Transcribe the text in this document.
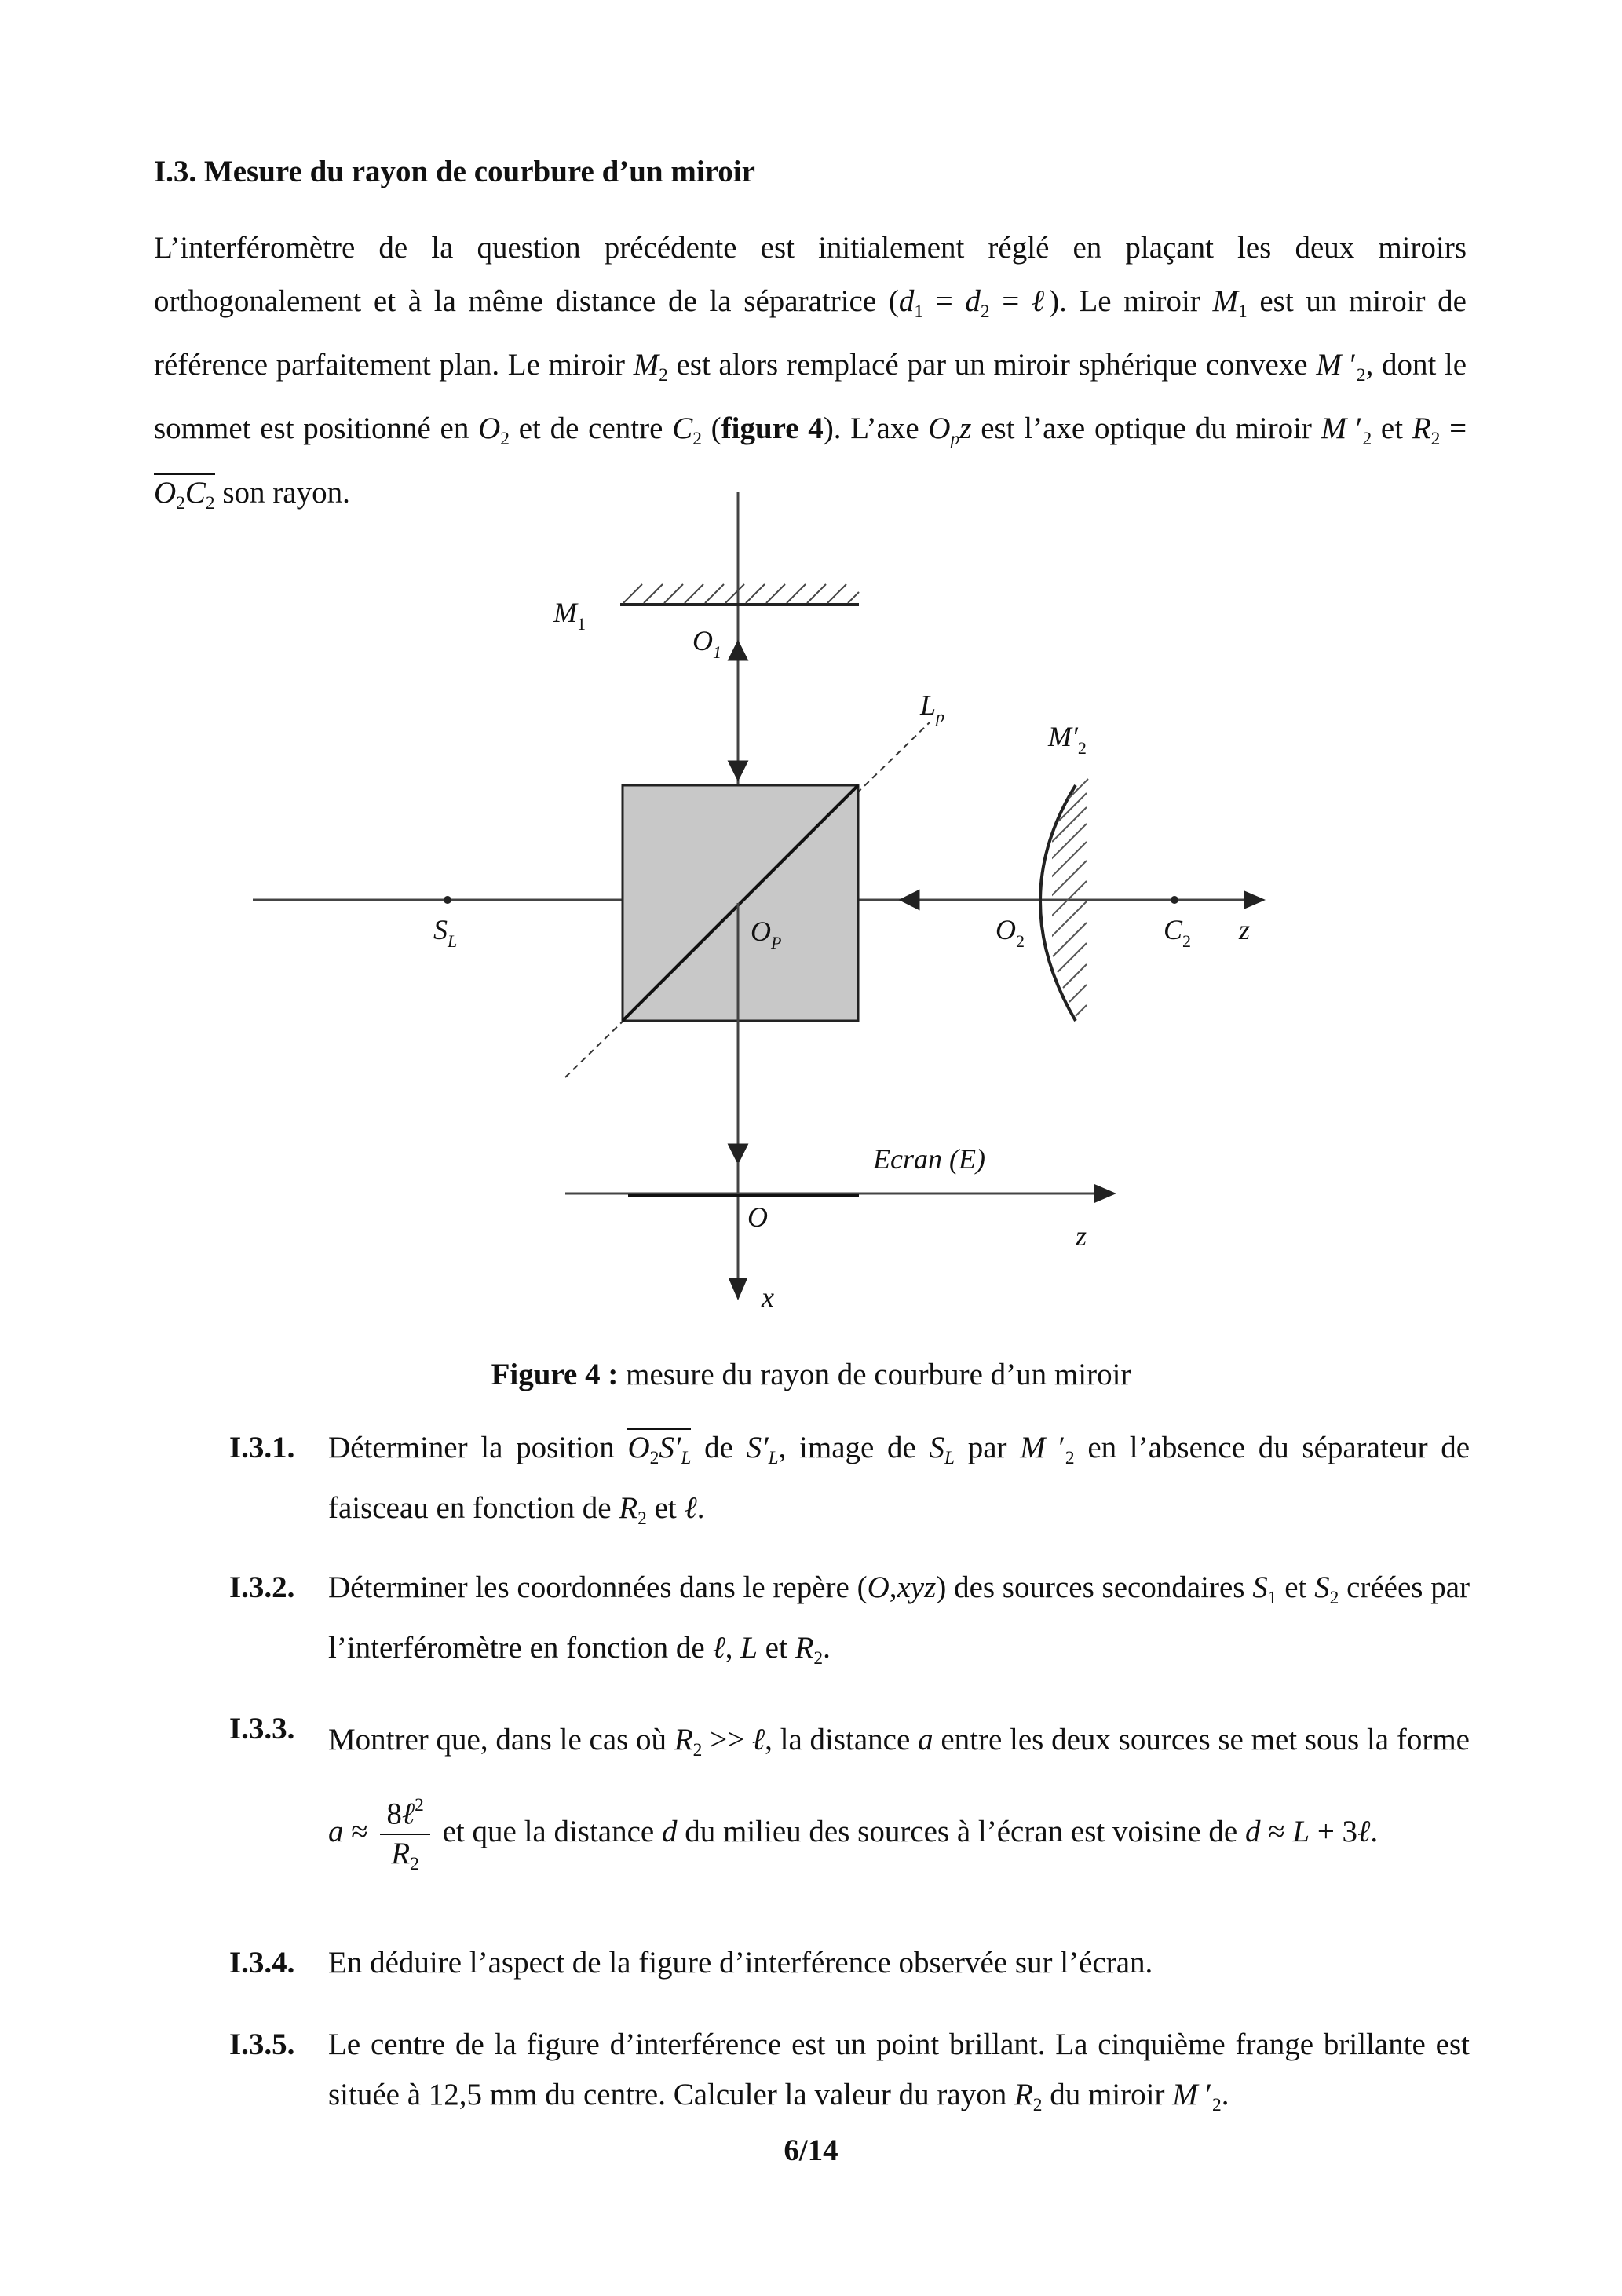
I.3. Mesure du rayon de courbure d’un miroir
L’interféromètre de la question précédente est initialement réglé en plaçant les deux miroirs orthogonalement et à la même distance de la séparatrice ($d_1 = d_2$ = ℓ). Le miroir $M_1$ est un miroir de référence parfaitement plan. Le miroir $M_2$ est alors remplacé par un miroir sphérique convexe M $'_2$, dont le sommet est positionné en $O_2$ et de centre $C_2$ (figure 4). L’axe $O_pz$ est l’axe optique du miroir M $'_2$ et $R_2 = O_2C_2$ son rayon.
$M_1$
$O_1$
$L_p$
$M'_2$
$S_L$	$O_P$	$O_2$	$C_2$ z
Ecran (E)
O
z
x
Figure 4 : mesure du rayon de courbure d’un miroir
I.3.1. Déterminer la position $O_2S'_L$ de $S'_L$, image de $S_L$ par M $'_2$ en l’absence du séparateur de faisceau en fonction de $R_2$ et ℓ.
I.3.2. Déterminer les coordonnées dans le repère (O,xyz) des sources secondaires $S_1$ et $S_2$ créées par l’interféromètre en fonction de ℓ, L et $R_2$.
I.3.3. Montrer que, dans le cas où $R_2$ >> ℓ, la distance a entre les deux sources se met sous la forme $a \approx \frac{8\ell^2}{R_2}$ et que la distance d du milieu des sources à l’écran est voisine de d ≈ L + 3ℓ.
I.3.4. En déduire l’aspect de la figure d’interférence observée sur l’écran.
I.3.5. Le centre de la figure d’interférence est un point brillant. La cinquième frange brillante est située à 12,5 mm du centre. Calculer la valeur du rayon $R_2$ du miroir M $'_2$.
6/14
